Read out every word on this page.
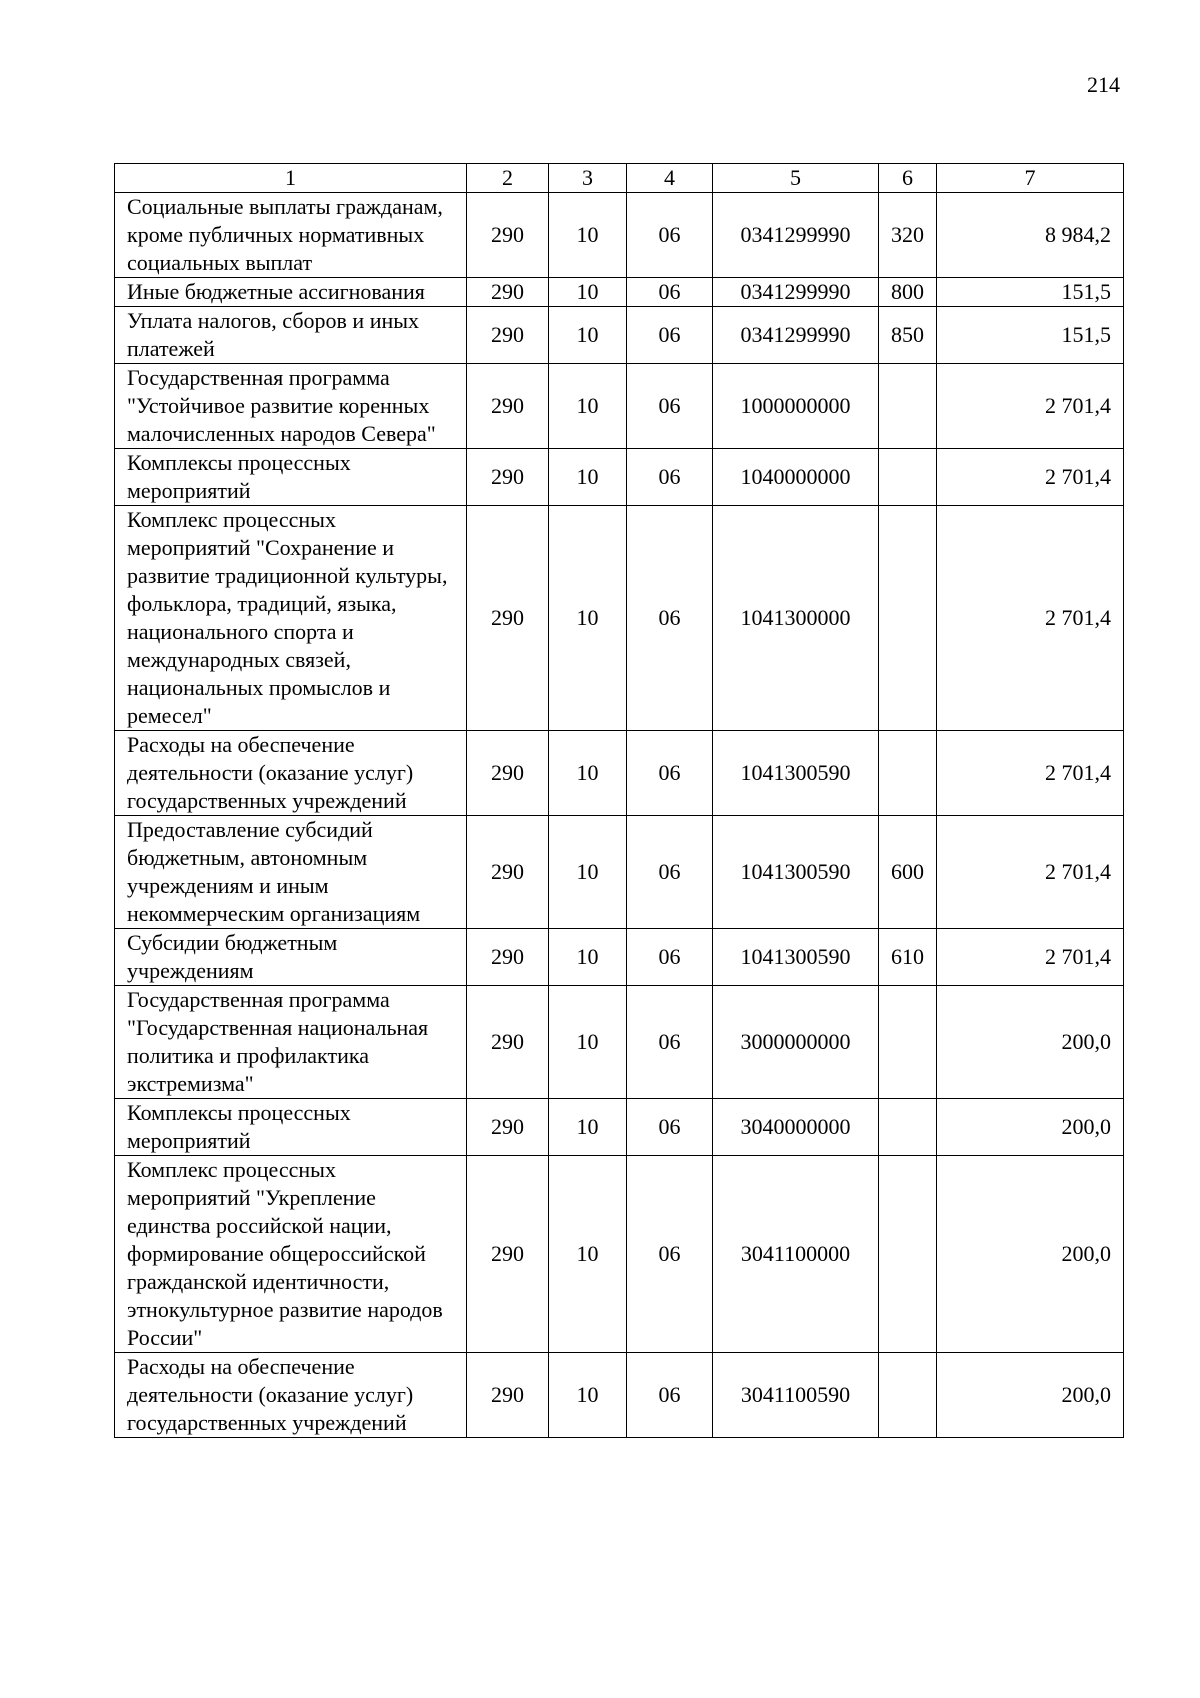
214
1	2	3	4	5	6	7
Социальные выплаты гражданам, кроме публичных нормативных социальных выплат	290	10	06	0341299990	320	8 984,2
Иные бюджетные ассигнования	290	10	06	0341299990	800	151,5
Уплата налогов, сборов и иных платежей	290	10	06	0341299990	850	151,5
Государственная программа "Устойчивое развитие коренных малочисленных народов Севера"	290	10	06	1000000000		2 701,4
Комплексы процессных мероприятий	290	10	06	1040000000		2 701,4
Комплекс процессных мероприятий "Сохранение и развитие традиционной культуры, фольклора, традиций, языка, национального спорта и международных связей, национальных промыслов и ремесел"	290	10	06	1041300000		2 701,4
Расходы на обеспечение деятельности (оказание услуг) государственных учреждений	290	10	06	1041300590		2 701,4
Предоставление субсидий бюджетным, автономным учреждениям и иным некоммерческим организациям	290	10	06	1041300590	600	2 701,4
Субсидии бюджетным учреждениям	290	10	06	1041300590	610	2 701,4
Государственная программа "Государственная национальная политика и профилактика экстремизма"	290	10	06	3000000000		200,0
Комплексы процессных мероприятий	290	10	06	3040000000		200,0
Комплекс процессных мероприятий "Укрепление единства российской нации, формирование общероссийской гражданской идентичности, этнокультурное развитие народов России"	290	10	06	3041100000		200,0
Расходы на обеспечение деятельности (оказание услуг) государственных учреждений	290	10	06	3041100590		200,0
